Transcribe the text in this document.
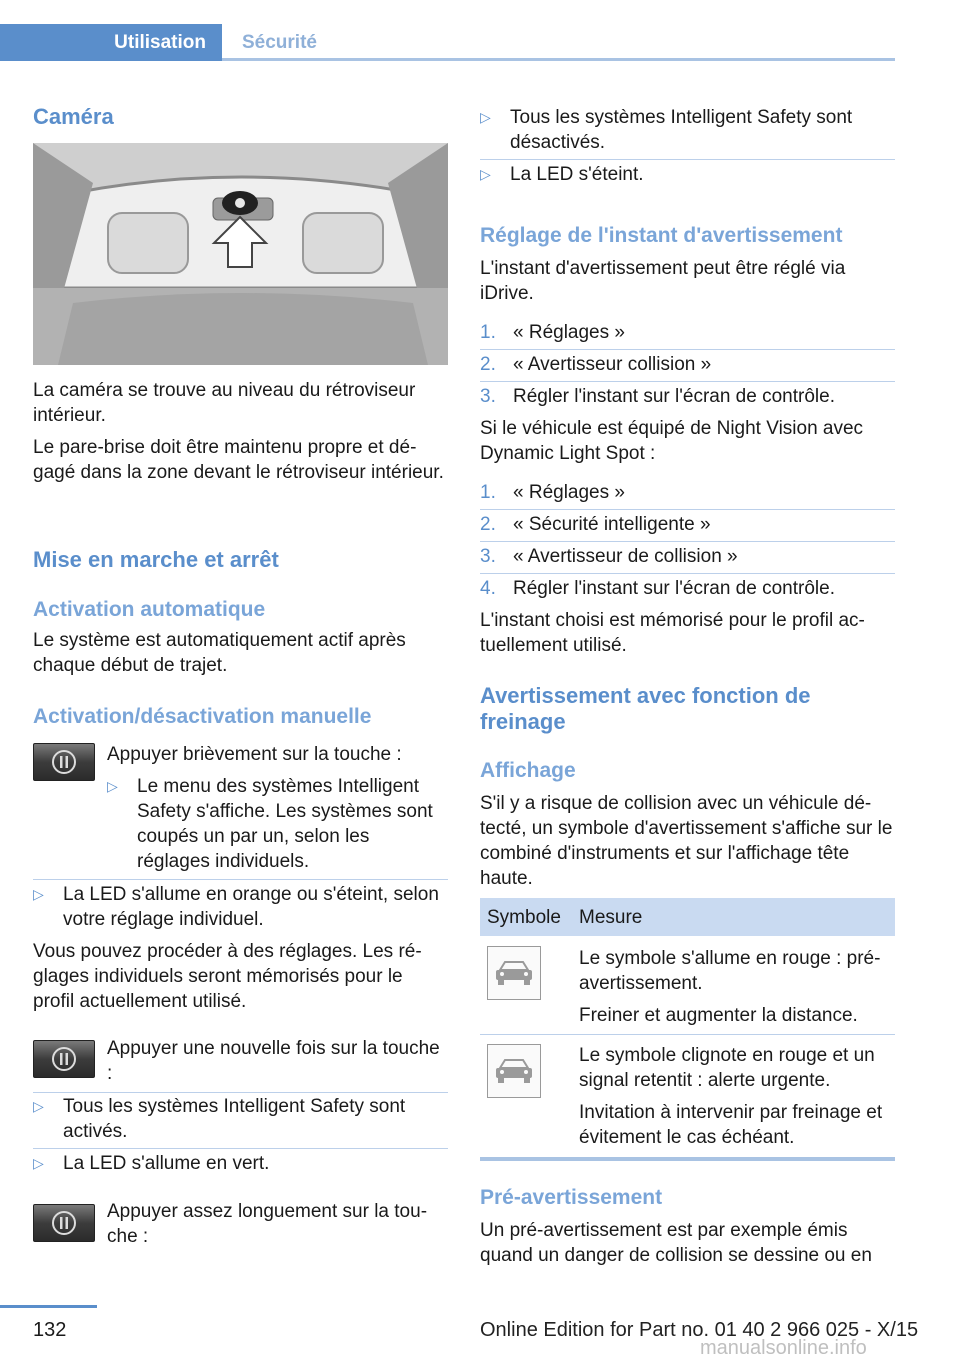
Utilisation Sécurité
Caméra
La caméra se trouve au niveau du rétroviseur intérieur.
Le pare-brise doit être maintenu propre et dégagé dans la zone devant le rétroviseur intérieur.
Mise en marche et arrêt
Activation automatique
Le système est automatiquement actif après chaque début de trajet.
Activation/désactivation manuelle
Appuyer brièvement sur la touche :
▷	Le menu des systèmes Intelligent Safety s'affiche. Les systèmes sont coupés un par un, selon les réglages individuels.
▷	La LED s'allume en orange ou s'éteint, selon votre réglage individuel.
Vous pouvez procéder à des réglages. Les réglages individuels seront mémorisés pour le profil actuellement utilisé.
Appuyer une nouvelle fois sur la touche :
▷	Tous les systèmes Intelligent Safety sont activés.
▷	La LED s'allume en vert.
Appuyer assez longuement sur la touche :
▷	Tous les systèmes Intelligent Safety sont désactivés.
▷	La LED s'éteint.
Réglage de l'instant d'avertissement
L'instant d'avertissement peut être réglé via iDrive.
1. « Réglages »
2. « Avertisseur collision »
3. Régler l'instant sur l'écran de contrôle.
Si le véhicule est équipé de Night Vision avec Dynamic Light Spot :
1. « Réglages »
2. « Sécurité intelligente »
3. « Avertisseur de collision »
4. Régler l'instant sur l'écran de contrôle.
L'instant choisi est mémorisé pour le profil actuellement utilisé.
Avertissement avec fonction de freinage
Affichage
S'il y a risque de collision avec un véhicule détecté, un symbole d'avertissement s'affiche sur le combiné d'instruments et sur l'affichage tête haute.
Symbole Mesure
Le symbole s'allume en rouge : pré-avertissement.
Freiner et augmenter la distance.
Le symbole clignote en rouge et un signal retentit : alerte urgente.
Invitation à intervenir par freinage et évitement le cas échéant.
Pré-avertissement
Un pré-avertissement est par exemple émis quand un danger de collision se dessine ou en
132	Online Edition for Part no. 01 40 2 966 025 - X/15
manualsonline.info
